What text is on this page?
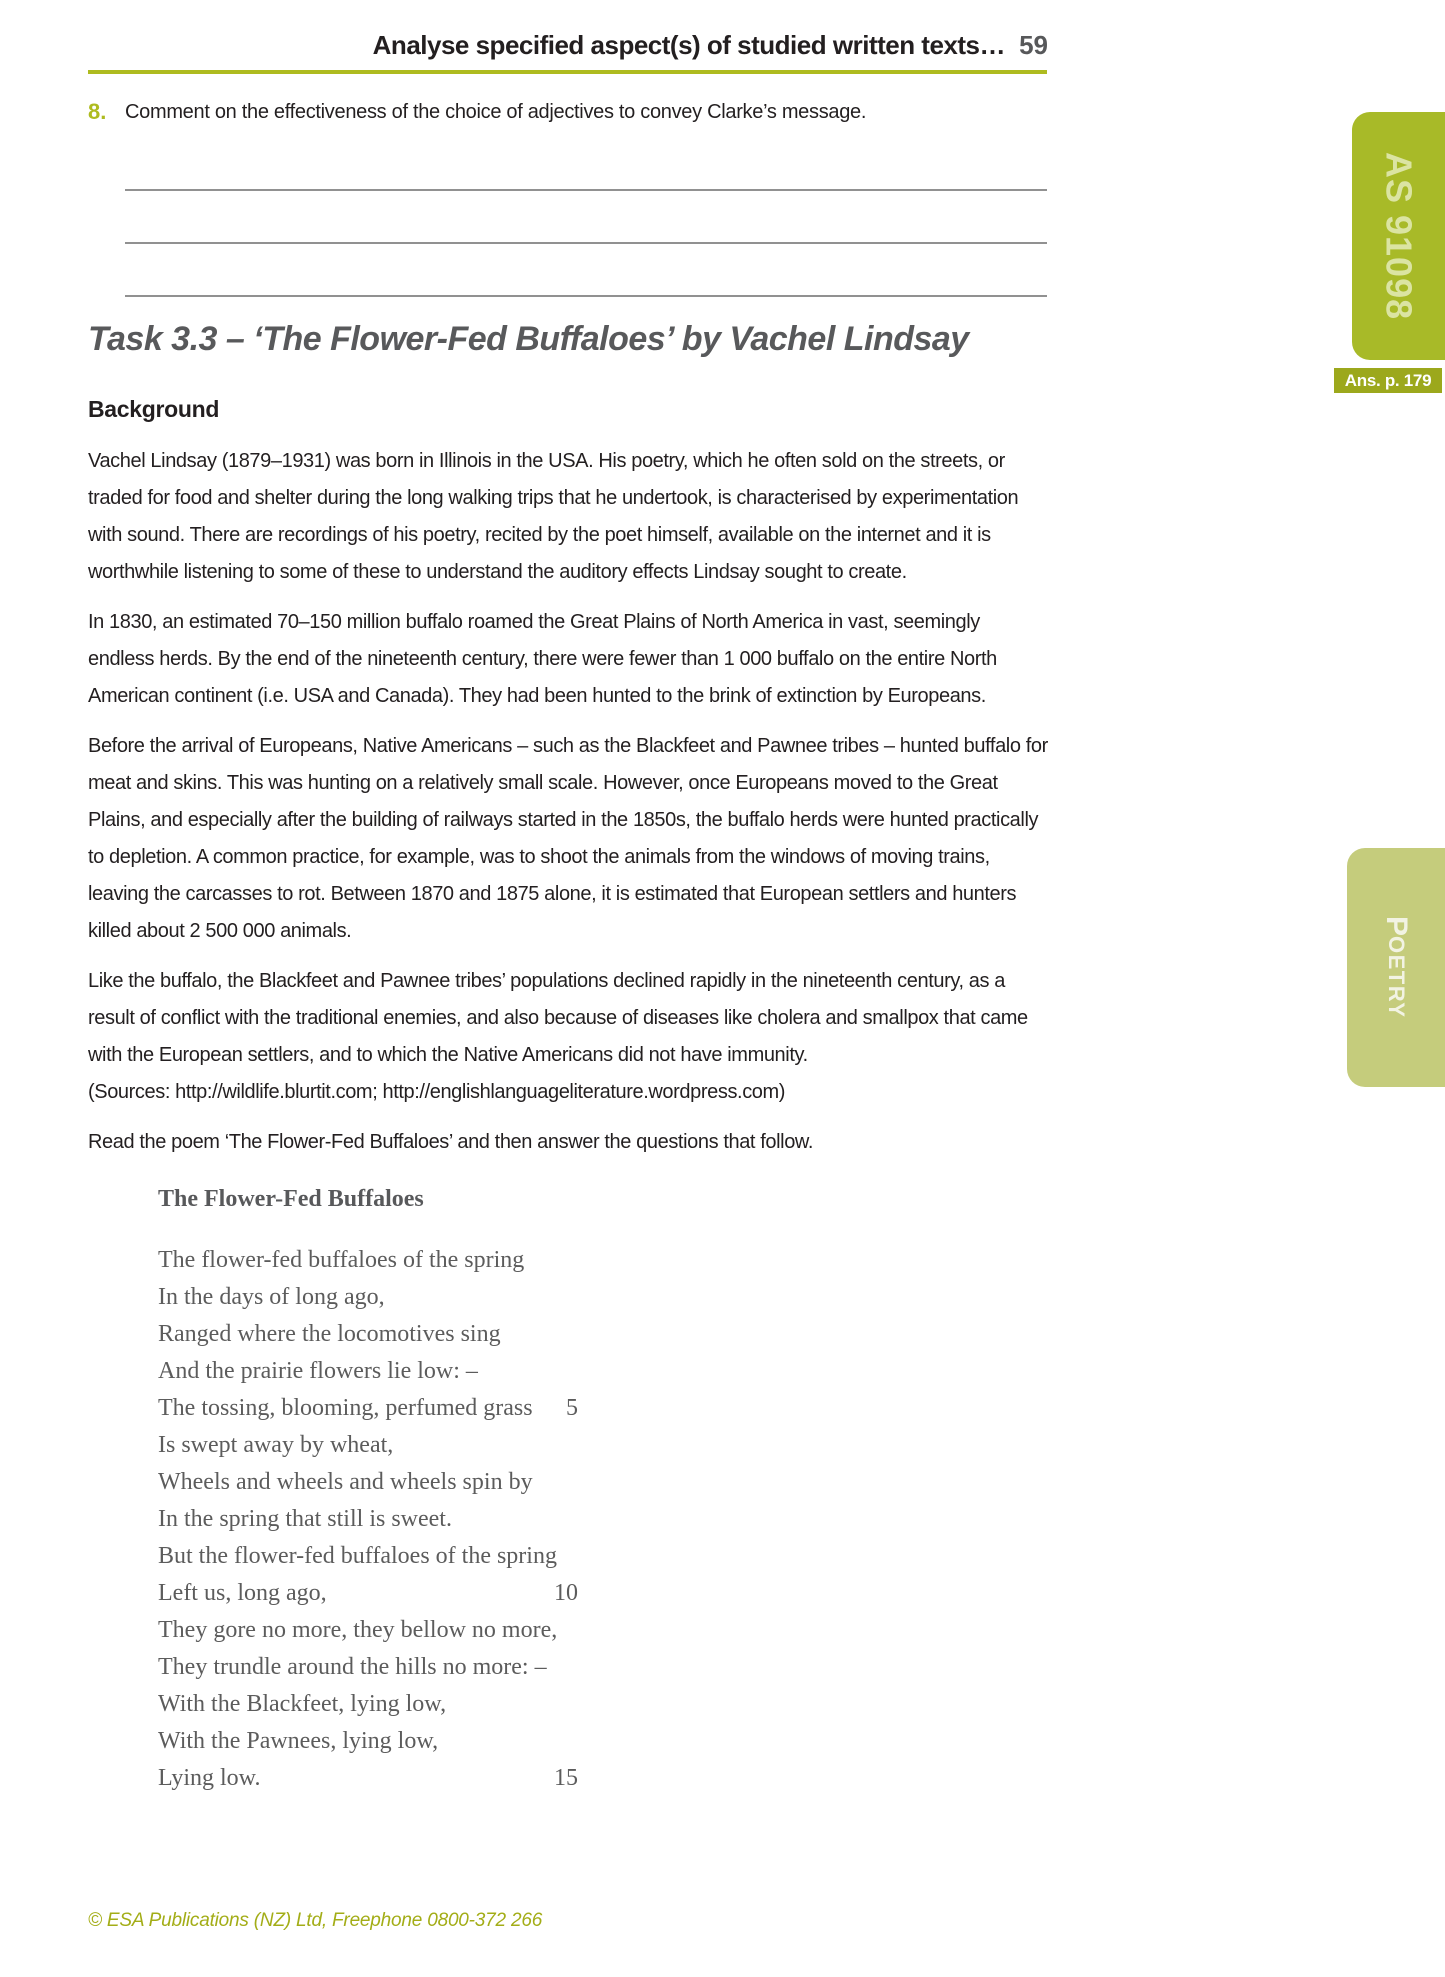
Analyse specified aspect(s) of studied written texts… 59
8. Comment on the effectiveness of the choice of adjectives to convey Clarke’s message.
Task 3.3 – ‘The Flower-Fed Buffaloes’ by Vachel Lindsay
Background

Vachel Lindsay (1879–1931) was born in Illinois in the USA. His poetry, which he often sold on the streets, or traded for food and shelter during the long walking trips that he undertook, is characterised by experimentation with sound. There are recordings of his poetry, recited by the poet himself, available on the internet and it is worthwhile listening to some of these to understand the auditory effects Lindsay sought to create.

In 1830, an estimated 70–150 million buffalo roamed the Great Plains of North America in vast, seemingly endless herds. By the end of the nineteenth century, there were fewer than 1 000 buffalo on the entire North American continent (i.e. USA and Canada). They had been hunted to the brink of extinction by Europeans.

Before the arrival of Europeans, Native Americans – such as the Blackfeet and Pawnee tribes – hunted buffalo for meat and skins. This was hunting on a relatively small scale. However, once Europeans moved to the Great Plains, and especially after the building of railways started in the 1850s, the buffalo herds were hunted practically to depletion. A common practice, for example, was to shoot the animals from the windows of moving trains, leaving the carcasses to rot. Between 1870 and 1875 alone, it is estimated that European settlers and hunters killed about 2 500 000 animals.

Like the buffalo, the Blackfeet and Pawnee tribes’ populations declined rapidly in the nineteenth century, as a result of conflict with the traditional enemies, and also because of diseases like cholera and smallpox that came with the European settlers, and to which the Native Americans did not have immunity.

(Sources: http://wildlife.blurtit.com; http://englishlanguageliterature.wordpress.com)

Read the poem ‘The Flower-Fed Buffaloes’ and then answer the questions that follow.

The Flower-Fed Buffaloes
The flower-fed buffaloes of the spring
In the days of long ago,
Ranged where the locomotives sing
And the prairie flowers lie low: –
The tossing, blooming, perfumed grass	5
Is swept away by wheat,
Wheels and wheels and wheels spin by
In the spring that still is sweet.
But the flower-fed buffaloes of the spring
Left us, long ago,	10
They gore no more, they bellow no more,
They trundle around the hills no more: –
With the Blackfeet, lying low,
With the Pawnees, lying low,
Lying low.	15
AS 91098
Ans. p. 179
POETRY
© ESA Publications (NZ) Ltd, Freephone 0800-372 266
